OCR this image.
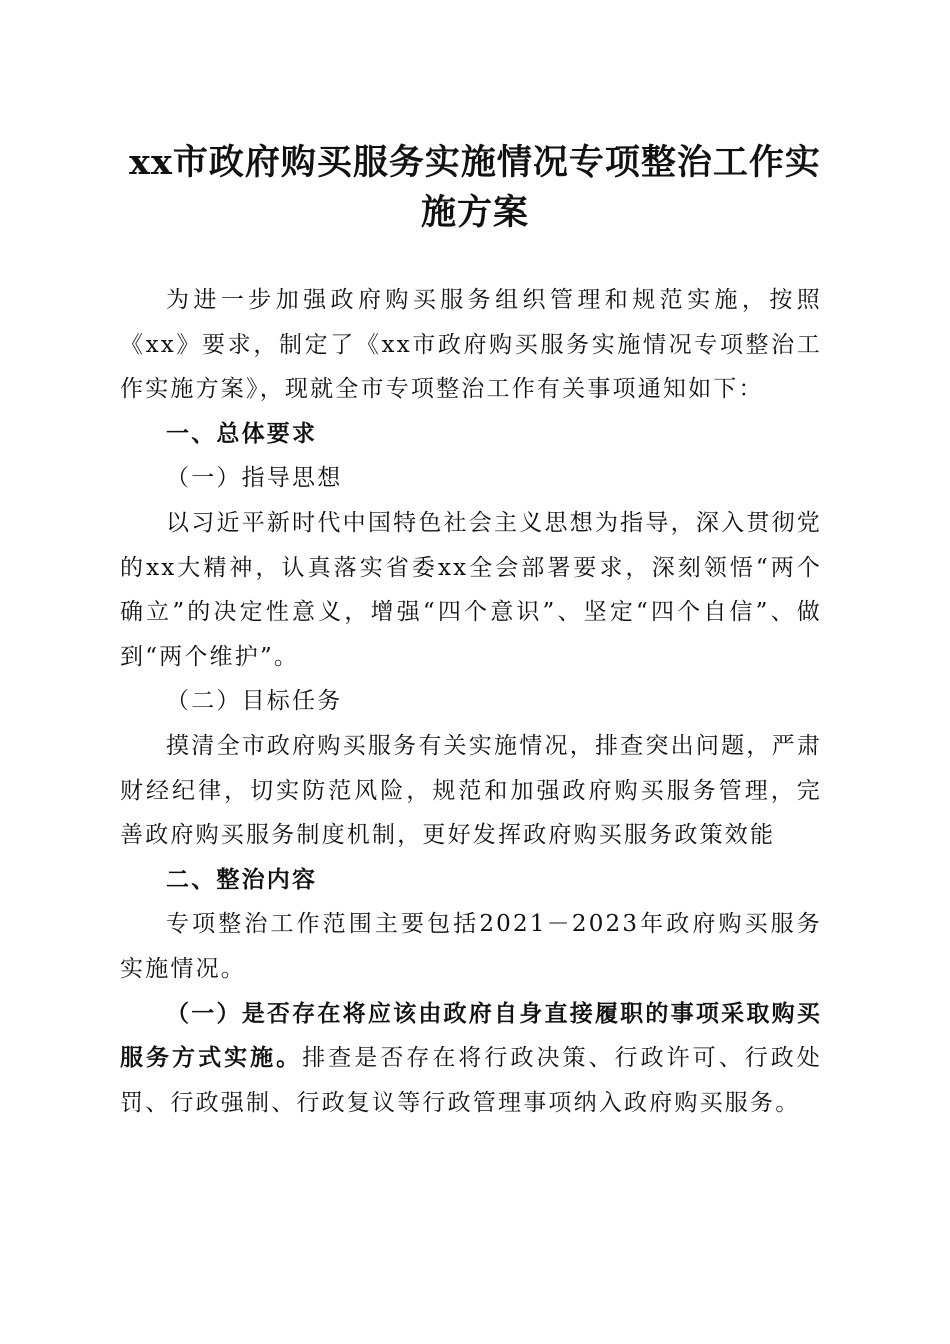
xx市政府购买服务实施情况专项整治工作实
施方案

为进一步加强政府购买服务组织管理和规范实施，按照《xx》要求，制定了《xx市政府购买服务实施情况专项整治工作实施方案》，现就全市专项整治工作有关事项通知如下：

一、总体要求

（一）指导思想

以习近平新时代中国特色社会主义思想为指导，深入贯彻党的xx大精神，认真落实省委xx全会部署要求，深刻领悟“两个确立”的决定性意义，增强“四个意识”、坚定“四个自信”、做到“两个维护”。

（二）目标任务

摸清全市政府购买服务有关实施情况，排查突出问题，严肃财经纪律，切实防范风险，规范和加强政府购买服务管理，完善政府购买服务制度机制，更好发挥政府购买服务政策效能

二、整治内容

专项整治工作范围主要包括2021－2023年政府购买服务实施情况。

（一）是否存在将应该由政府自身直接履职的事项采取购买服务方式实施。排查是否存在将行政决策、行政许可、行政处罚、行政强制、行政复议等行政管理事项纳入政府购买服务。
